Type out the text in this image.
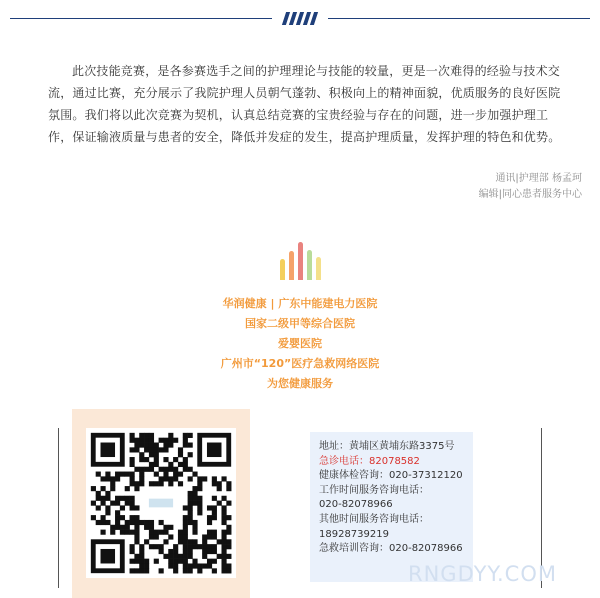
此次技能竞赛，是各参赛选手之间的护理理论与技能的较量，更是一次难得的经验与技术交流，通过比赛，充分展示了我院护理人员朝气蓬勃、积极向上的精神面貌，优质服务的良好医院氛围。我们将以此次竞赛为契机，认真总结竞赛的宝贵经验与存在的问题，进一步加强护理工作，保证输液质量与患者的安全，降低并发症的发生，提高护理质量，发挥护理的特色和优势。

通讯|护理部 杨孟珂
编辑|同心患者服务中心
华润健康 | 广东中能建电力医院
国家二级甲等综合医院
爱婴医院
广州市“120”医疗急救网络医院
为您健康服务
地址：黄埔区黄埔东路3375号
急诊电话：82078582
健康体检咨询：020-37312120
工作时间服务咨询电话：
020-82078966
其他时间服务咨询电话：
18928739219
急救培训咨询：020-82078966
RNGDYY.COM
